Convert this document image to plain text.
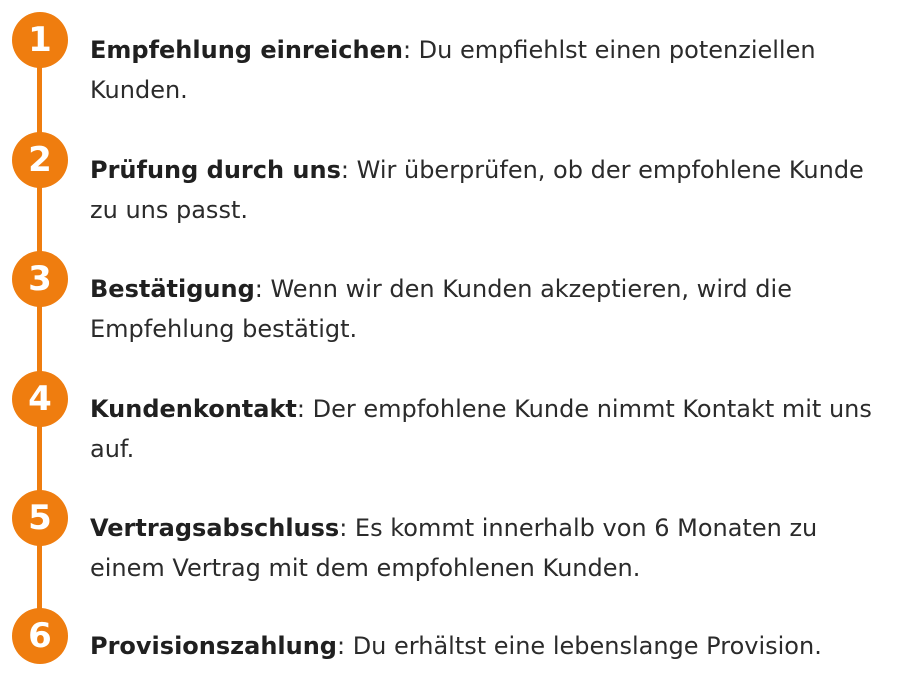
1	Empfehlung einreichen: Du empfiehlst einen potenziellen Kunden.

2	Prüfung durch uns: Wir überprüfen, ob der empfohlene Kunde zu uns passt.

3	Bestätigung: Wenn wir den Kunden akzeptieren, wird die Empfehlung bestätigt.

4	Kundenkontakt: Der empfohlene Kunde nimmt Kontakt mit uns auf.

5	Vertragsabschluss: Es kommt innerhalb von 6 Monaten zu einem Vertrag mit dem empfohlenen Kunden.

6	Provisionszahlung: Du erhältst eine lebenslange Provision.
